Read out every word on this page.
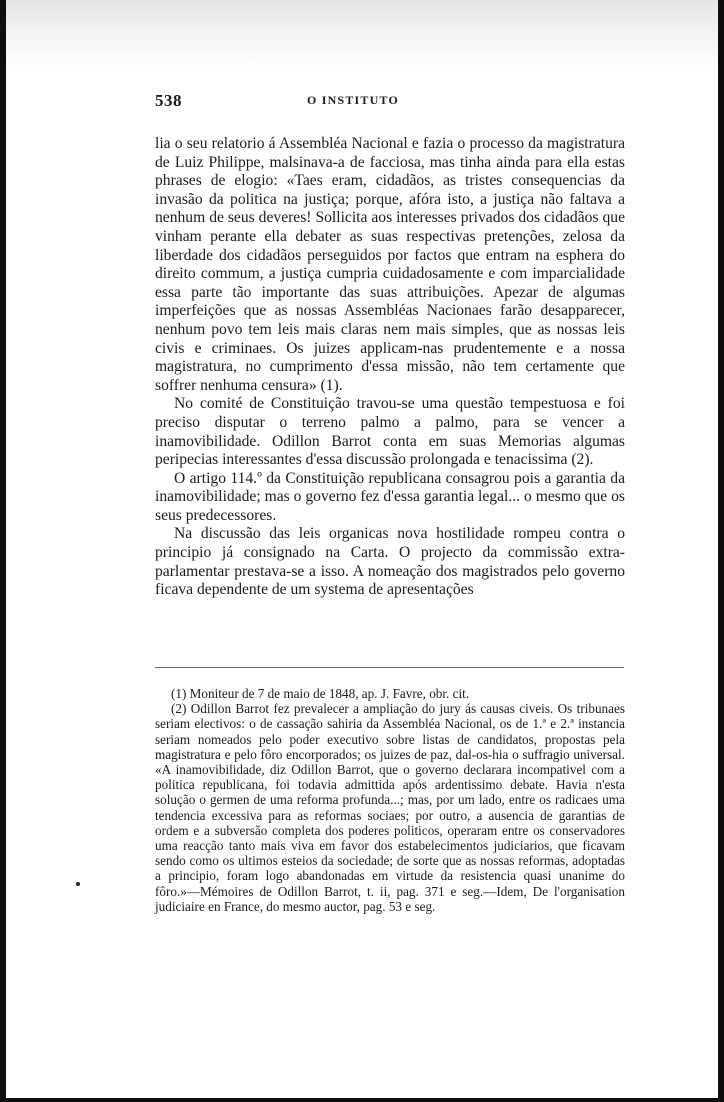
538	O INSTITUTO

lia o seu relatorio á Assembléa Nacional e fazia o processo da magistratura de Luiz Philippe, malsinava-a de facciosa, mas tinha ainda para ella estas phrases de elogio: «Taes eram, cidadãos, as tristes consequencias da invasão da politica na justiça; porque, afóra isto, a justiça não faltava a nenhum de seus deveres! Sollicita aos interesses privados dos cidadãos que vinham perante ella debater as suas respectivas pretenções, zelosa da liberdade dos cidadãos perseguidos por factos que entram na esphera do direito commum, a justiça cumpria cuidadosamente e com imparcialidade essa parte tão importante das suas attribuições. Apezar de algumas imperfeições que as nossas Assembléas Nacionaes farão desapparecer, nenhum povo tem leis mais claras nem mais simples, que as nossas leis civis e criminaes. Os juizes applicam-nas prudentemente e a nossa magistratura, no cumprimento d'essa missão, não tem certamente que soffrer nenhuma censura» (1).

No comité de Constituição travou-se uma questão tempestuosa e foi preciso disputar o terreno palmo a palmo, para se vencer a inamovibilidade. Odillon Barrot conta em suas Memorias algumas peripecias interessantes d'essa discussão prolongada e tenacissima (2).

O artigo 114.º da Constituição republicana consagrou pois a garantia da inamovibilidade; mas o governo fez d'essa garantia legal... o mesmo que os seus predecessores.

Na discussão das leis organicas nova hostilidade rompeu contra o principio já consignado na Carta. O projecto da commissão extra-parlamentar prestava-se a isso. A nomeação dos magistrados pelo governo ficava dependente de um systema de apresentações

(1) Moniteur de 7 de maio de 1848, ap. J. Favre, obr. cit.

(2) Odillon Barrot fez prevalecer a ampliação do jury ás causas civeis. Os tribunaes seriam electivos: o de cassação sahiria da Assembléa Nacional, os de 1.ª e 2.ª instancia seriam nomeados pelo poder executivo sobre listas de candidatos, propostas pela magistratura e pelo fôro encorporados; os juizes de paz, dal-os-hia o suffragio universal. «A inamovibilidade, diz Odillon Barrot, que o governo declarara incompativel com a politica republicana, foi todavia admittida após ardentissimo debate. Havia n'esta solução o germen de uma reforma profunda...; mas, por um lado, entre os radicaes uma tendencia excessiva para as reformas sociaes; por outro, a ausencia de garantias de ordem e a subversão completa dos poderes politicos, operaram entre os conservadores uma reacção tanto mais viva em favor dos estabelecimentos judiciarios, que ficavam sendo como os ultimos esteios da sociedade; de sorte que as nossas reformas, adoptadas a principio, foram logo abandonadas em virtude da resistencia quasi unanime do fôro.»—Mémoires de Odillon Barrot, t. ii, pag. 371 e seg.—Idem, De l'organisation judiciaire en France, do mesmo auctor, pag. 53 e seg.
